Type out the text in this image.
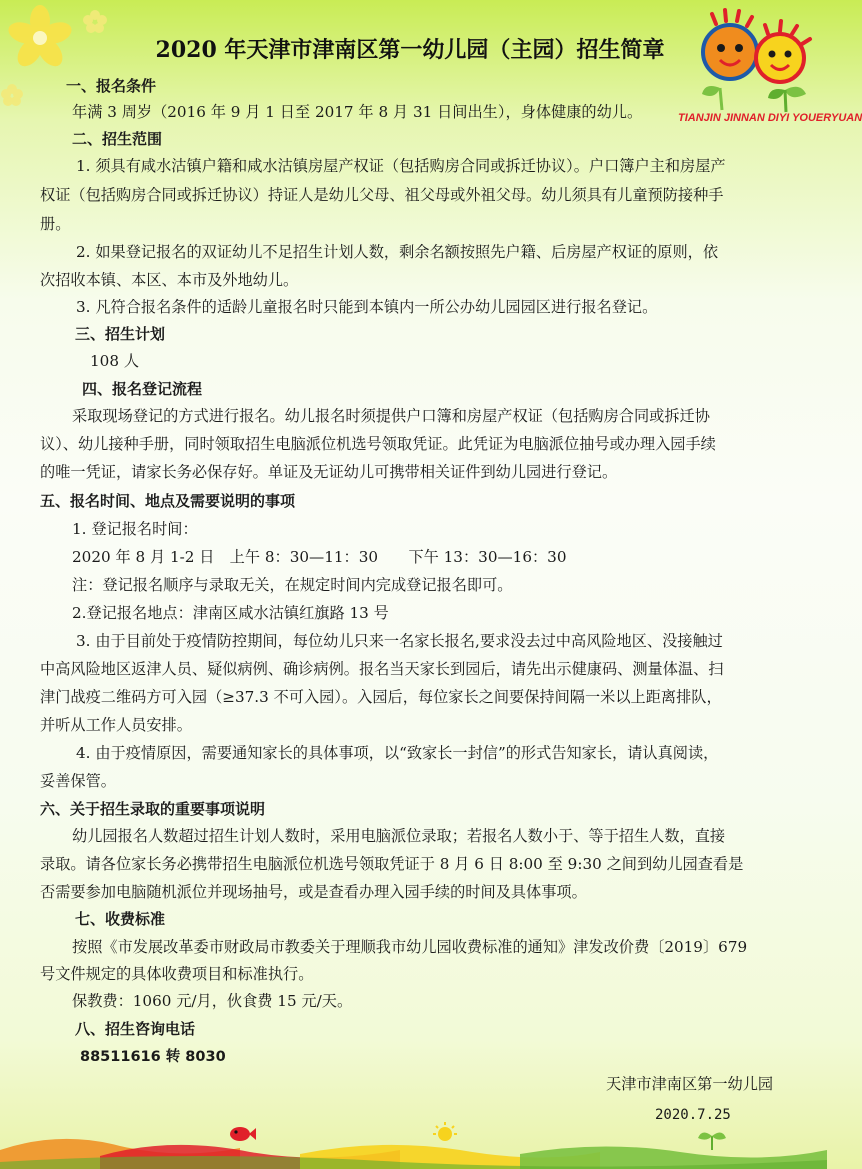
TIANJIN JINNAN DIYI YOUERYUAN
2020 年天津市津南区第一幼儿园（主园）招生简章
一、报名条件
年满 3 周岁（2016 年 9 月 1 日至 2017 年 8 月 31 日间出生），身体健康的幼儿。
二、招生范围
1. 须具有咸水沽镇户籍和咸水沽镇房屋产权证（包括购房合同或拆迁协议）。户口簿户主和房屋产
权证（包括购房合同或拆迁协议）持证人是幼儿父母、祖父母或外祖父母。幼儿须具有儿童预防接种手
册。
2. 如果登记报名的双证幼儿不足招生计划人数，剩余名额按照先户籍、后房屋产权证的原则，依
次招收本镇、本区、本市及外地幼儿。
3. 凡符合报名条件的适龄儿童报名时只能到本镇内一所公办幼儿园园区进行报名登记。
三、招生计划
108 人
四、报名登记流程
采取现场登记的方式进行报名。幼儿报名时须提供户口簿和房屋产权证（包括购房合同或拆迁协
议）、幼儿接种手册，同时领取招生电脑派位机选号领取凭证。此凭证为电脑派位抽号或办理入园手续
的唯一凭证，请家长务必保存好。单证及无证幼儿可携带相关证件到幼儿园进行登记。
五、报名时间、地点及需要说明的事项
1. 登记报名时间：
2020 年 8 月 1-2 日　上午 8：30—11：30　　下午 13：30—16：30
注：登记报名顺序与录取无关，在规定时间内完成登记报名即可。
2.登记报名地点：津南区咸水沽镇红旗路 13 号
3. 由于目前处于疫情防控期间，每位幼儿只来一名家长报名,要求没去过中高风险地区、没接触过
中高风险地区返津人员、疑似病例、确诊病例。报名当天家长到园后，请先出示健康码、测量体温、扫
津门战疫二维码方可入园（≥37.3 不可入园）。入园后，每位家长之间要保持间隔一米以上距离排队，
并听从工作人员安排。
4. 由于疫情原因，需要通知家长的具体事项，以“致家长一封信”的形式告知家长，请认真阅读，
妥善保管。
六、关于招生录取的重要事项说明
幼儿园报名人数超过招生计划人数时，采用电脑派位录取；若报名人数小于、等于招生人数，直接
录取。请各位家长务必携带招生电脑派位机选号领取凭证于 8 月 6 日 8:00 至 9:30 之间到幼儿园查看是
否需要参加电脑随机派位并现场抽号，或是查看办理入园手续的时间及具体事项。
七、收费标准
按照《市发展改革委市财政局市教委关于理顺我市幼儿园收费标准的通知》津发改价费〔2019〕679
号文件规定的具体收费项目和标准执行。
保教费：1060 元/月，伙食费 15 元/天。
八、招生咨询电话
88511616 转 8030
天津市津南区第一幼儿园
2020.7.25
